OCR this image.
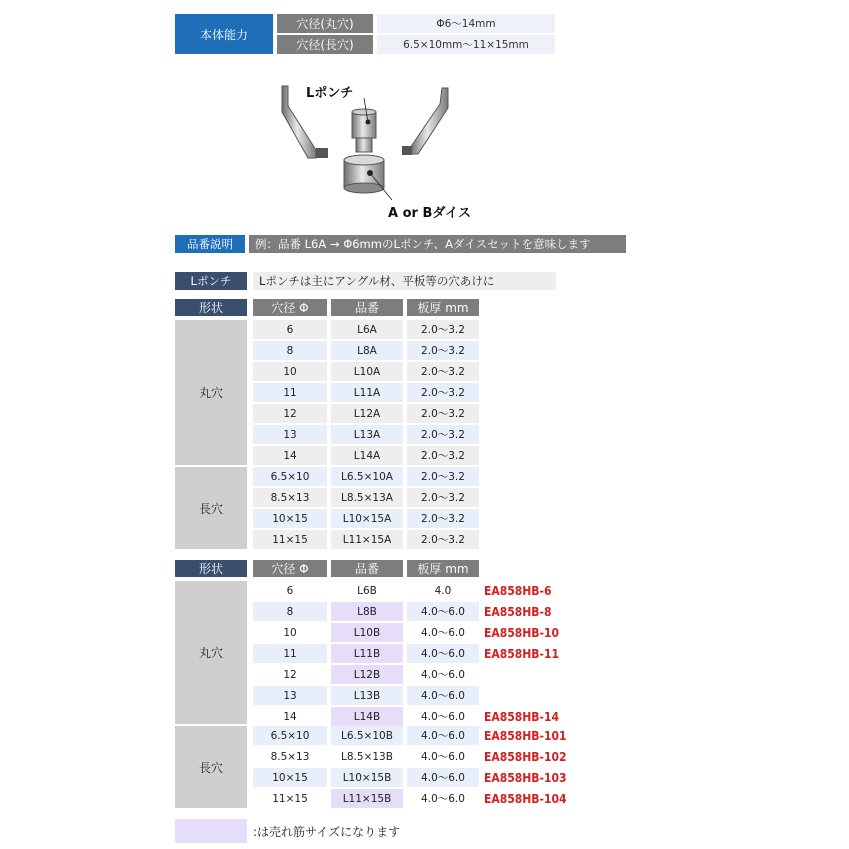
本体能力
穴径(丸穴)	Φ6～14mm
穴径(長穴)	6.5×10mm～11×15mm
Lポンチ
A or Bダイス
品番説明	例：品番 L6A → Φ6mmのLポンチ、Aダイスセットを意味します
Lポンチ	Lポンチは主にアングル材、平板等の穴あけに
形状	穴径 Φ	品番	板厚 mm
丸穴
長穴
6	L6A	2.0～3.2
8	L8A	2.0～3.2
10	L10A	2.0～3.2
11	L11A	2.0～3.2
12	L12A	2.0～3.2
13	L13A	2.0～3.2
14	L14A	2.0～3.2
6.5×10	L6.5×10A	2.0～3.2
8.5×13	L8.5×13A	2.0～3.2
10×15	L10×15A	2.0～3.2
11×15	L11×15A	2.0～3.2
形状	穴径 Φ	品番	板厚 mm
丸穴
長穴
6	L6B	4.0	EA858HB-6
8	L8B	4.0～6.0	EA858HB-8
10	L10B	4.0～6.0	EA858HB-10
11	L11B	4.0～6.0	EA858HB-11
12	L12B	4.0～6.0
13	L13B	4.0～6.0
14	L14B	4.0～6.0	EA858HB-14
6.5×10	L6.5×10B	4.0～6.0	EA858HB-101
8.5×13	L8.5×13B	4.0～6.0	EA858HB-102
10×15	L10×15B	4.0～6.0	EA858HB-103
11×15	L11×15B	4.0～6.0	EA858HB-104
:は売れ筋サイズになります
